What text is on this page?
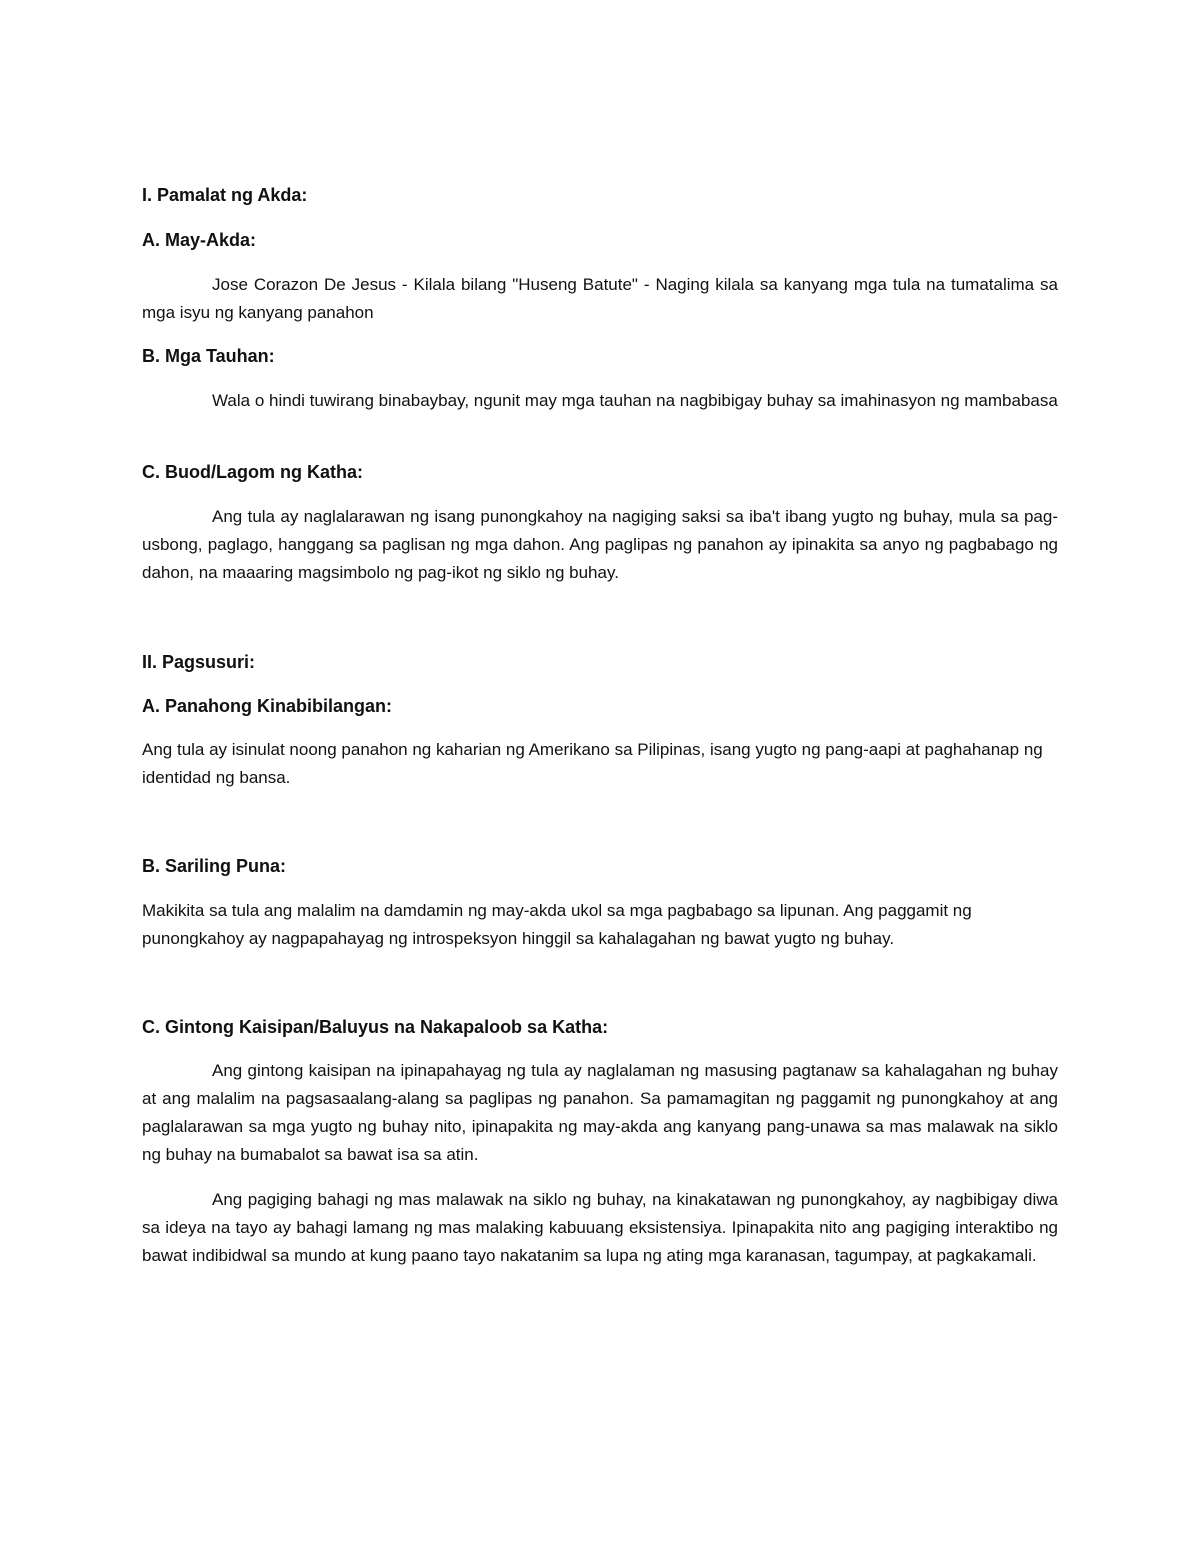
I. Pamalat ng Akda:
A. May-Akda:

Jose Corazon De Jesus - Kilala bilang "Huseng Batute" - Naging kilala sa kanyang mga tula na tumatalima sa mga isyu ng kanyang panahon

B. Mga Tauhan:

Wala o hindi tuwirang binabaybay, ngunit may mga tauhan na nagbibigay buhay sa imahinasyon ng mambabasa

C. Buod/Lagom ng Katha:

Ang tula ay naglalarawan ng isang punongkahoy na nagiging saksi sa iba't ibang yugto ng buhay, mula sa pag-usbong, paglago, hanggang sa paglisan ng mga dahon. Ang paglipas ng panahon ay ipinakita sa anyo ng pagbabago ng dahon, na maaaring magsimbolo ng pag-ikot ng siklo ng buhay.

II. Pagsusuri:
A. Panahong Kinabibilangan:

Ang tula ay isinulat noong panahon ng kaharian ng Amerikano sa Pilipinas, isang yugto ng pang-aapi at paghahanap ng identidad ng bansa.

B. Sariling Puna:

Makikita sa tula ang malalim na damdamin ng may-akda ukol sa mga pagbabago sa lipunan. Ang paggamit ng punongkahoy ay nagpapahayag ng introspeksyon hinggil sa kahalagahan ng bawat yugto ng buhay.

C. Gintong Kaisipan/Baluyus na Nakapaloob sa Katha:

Ang gintong kaisipan na ipinapahayag ng tula ay naglalaman ng masusing pagtanaw sa kahalagahan ng buhay at ang malalim na pagsasaalang-alang sa paglipas ng panahon. Sa pamamagitan ng paggamit ng punongkahoy at ang paglalarawan sa mga yugto ng buhay nito, ipinapakita ng may-akda ang kanyang pang-unawa sa mas malawak na siklo ng buhay na bumabalot sa bawat isa sa atin.

Ang pagiging bahagi ng mas malawak na siklo ng buhay, na kinakatawan ng punongkahoy, ay nagbibigay diwa sa ideya na tayo ay bahagi lamang ng mas malaking kabuuang eksistensiya. Ipinapakita nito ang pagiging interaktibo ng bawat indibidwal sa mundo at kung paano tayo nakatanim sa lupa ng ating mga karanasan, tagumpay, at pagkakamali.
